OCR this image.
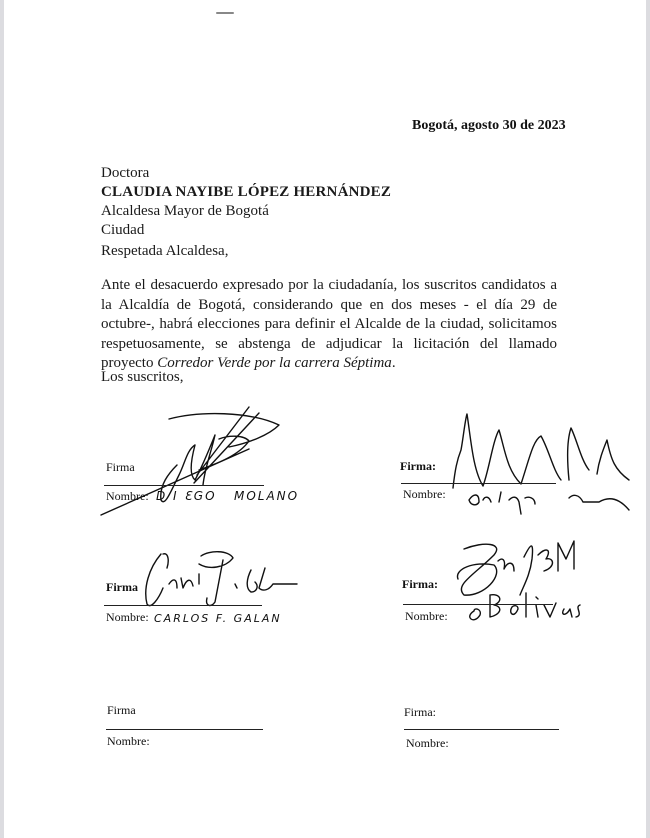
Bogotá, agosto 30 de 2023
Doctora
CLAUDIA NAYIBE LÓPEZ HERNÁNDEZ
Alcaldesa Mayor de Bogotá
Ciudad
Respetada Alcaldesa,
Ante el desacuerdo expresado por la ciudadanía, los suscritos candidatos a la Alcaldía de Bogotá, considerando que en dos meses - el día 29 de octubre-, habrá elecciones para definir el Alcalde de la ciudad, solicitamos respetuosamente, se abstenga de adjudicar la licitación del llamado proyecto Corredor Verde por la carrera Séptima.
Los suscritos,
Firma
Nombre: D I ƐGO   MOLANO
Firma:
Nombre:
Firma
Nombre: CARLOS F. GALAN
Firma:
Nombre:
Firma
Nombre:
Firma:
Nombre:
